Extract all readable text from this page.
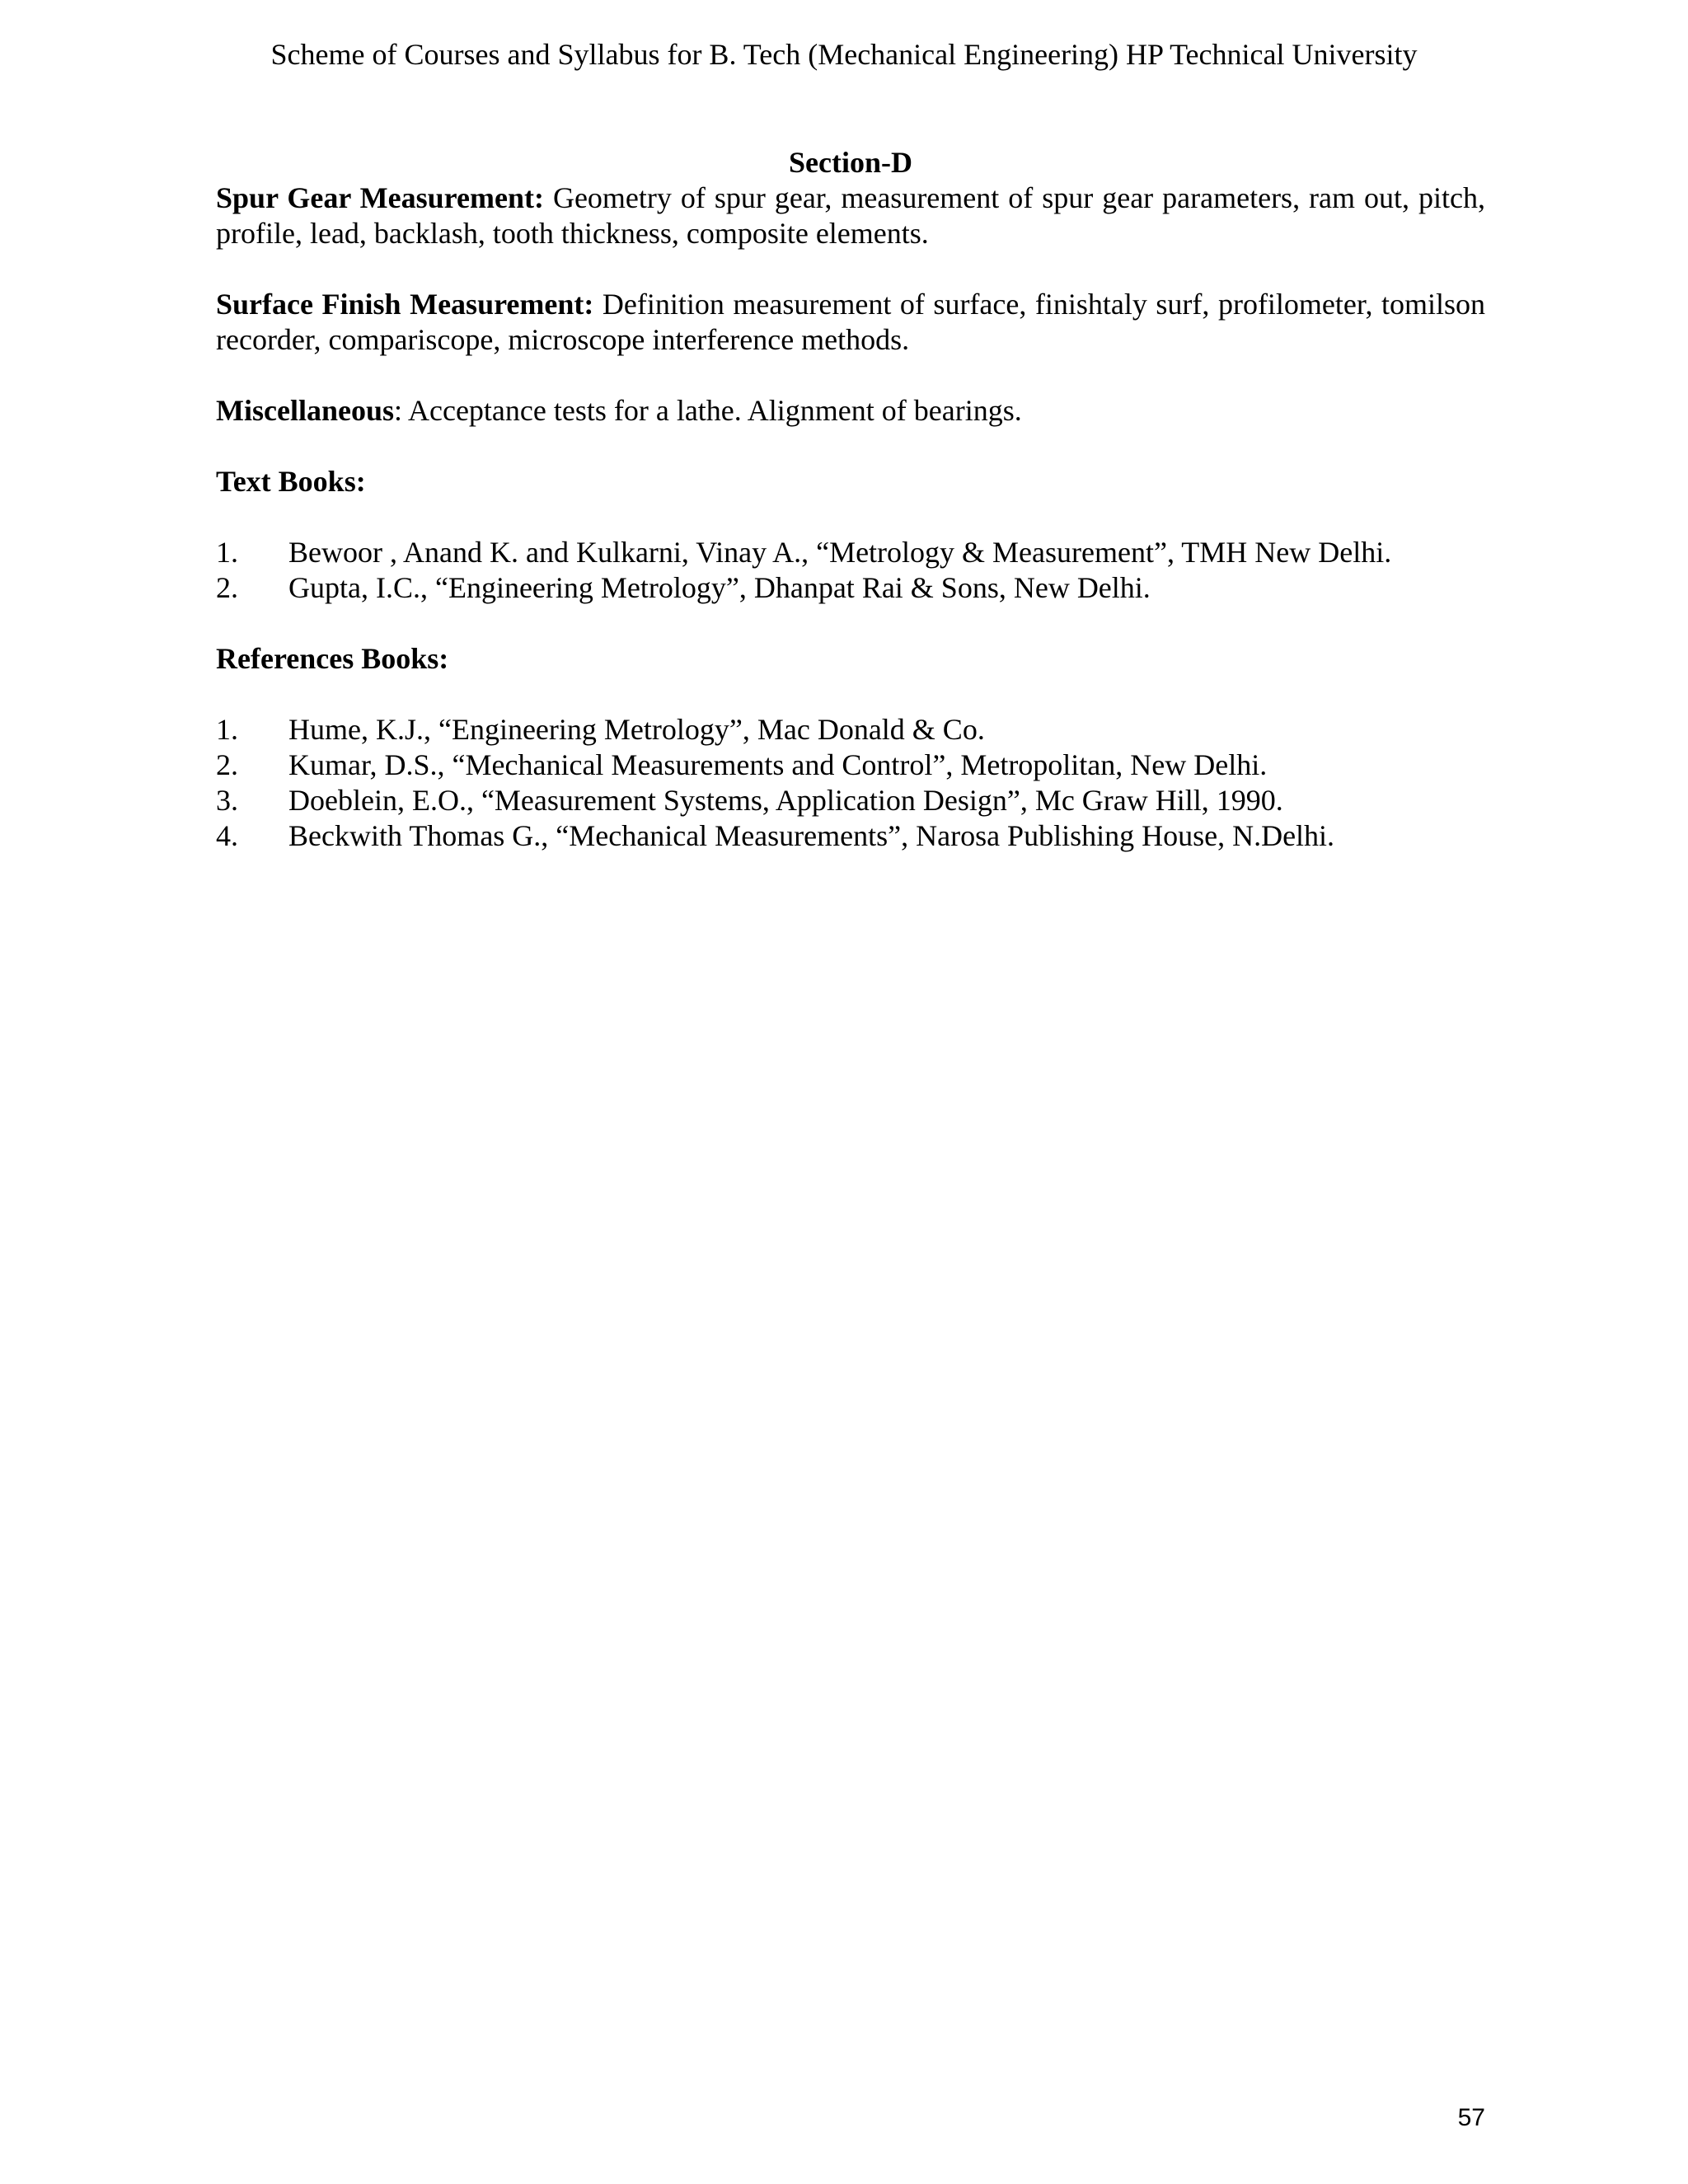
Scheme of Courses and Syllabus for B. Tech (Mechanical Engineering) HP Technical University

Section-D

Spur Gear Measurement: Geometry of spur gear, measurement of spur gear parameters, ram out, pitch, profile, lead, backlash, tooth thickness, composite elements.

Surface Finish Measurement: Definition measurement of surface, finishtaly surf, profilometer, tomilson recorder, compariscope, microscope interference methods.

Miscellaneous: Acceptance tests for a lathe. Alignment of bearings.

Text Books:

1.	Bewoor , Anand K. and Kulkarni, Vinay A., “Metrology & Measurement”, TMH New Delhi.
2.	Gupta, I.C., “Engineering Metrology”, Dhanpat Rai & Sons, New Delhi.

References Books:

1.	Hume, K.J., “Engineering Metrology”, Mac Donald & Co.
2.	Kumar, D.S., “Mechanical Measurements and Control”, Metropolitan, New Delhi.
3.	Doeblein, E.O., “Measurement Systems, Application Design”, Mc Graw Hill, 1990.
4.	Beckwith Thomas G., “Mechanical Measurements”, Narosa Publishing House, N.Delhi.
57
